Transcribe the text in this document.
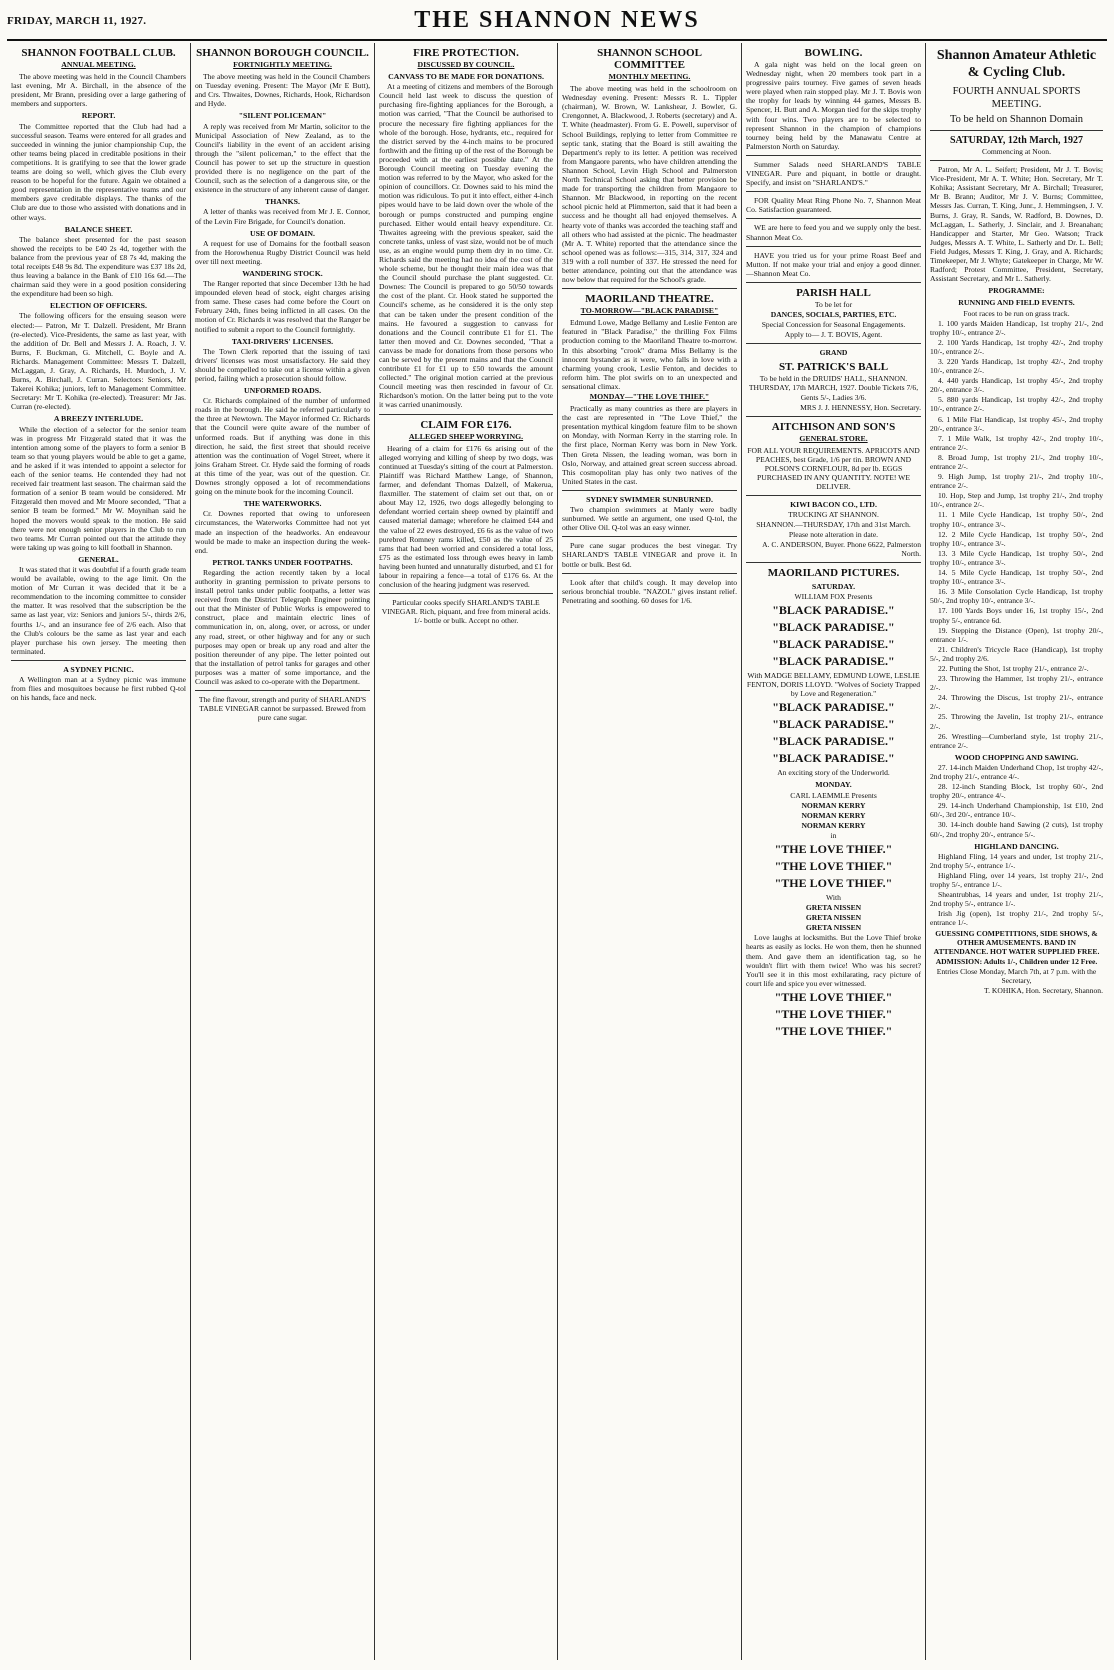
FRIDAY, MARCH 11, 1927.	THE SHANNON NEWS
SHANNON FOOTBALL CLUB.
ANNUAL MEETING.

The above meeting was held in the Council Chambers last evening, Mr A. Birchall, in the absence of the president, Mr Brann, presiding over a large gathering of members and supporters.

REPORT.

The Committee reported that the Club had had a successful season. Teams were entered for all grades and succeeded in winning the junior championship Cup, the other teams being placed in creditable positions in their competitions. It is gratifying to see that the lower grade teams are doing so well, which gives the Club every reason to be hopeful for the future. Again we obtained a good representation in the representative teams and our members gave creditable displays. The thanks of the Club are due to those who assisted with donations and in other ways.

BALANCE SHEET.

The balance sheet presented for the past season showed the receipts to be £40 2s 4d, together with the balance from the previous year of £8 7s 4d, making the total receipts £48 9s 8d. The expenditure was £37 18s 2d, thus leaving a balance in the Bank of £10 16s 6d.—The chairman said they were in a good position considering the expenditure had been so high.

ELECTION OF OFFICERS.

The following officers for the ensuing season were elected:— Patron, Mr T. Dalzell. President, Mr Brann (re-elected). Vice-Presidents, the same as last year, with the addition of Dr. Bell and Messrs J. A. Roach, J. V. Burns, F. Buckman, G. Mitchell, C. Boyle and A. Richards. Management Committee: Messrs T. Dalzell, McLaggan, J. Gray, A. Richards, H. Murdoch, J. V. Burns, A. Birchall, J. Curran. Selectors: Seniors, Mr Takerei Kohika; juniors, left to Management Committee. Secretary: Mr T. Kohika (re-elected). Treasurer: Mr Jas. Curran (re-elected).

A BREEZY INTERLUDE.

While the election of a selector for the senior team was in progress Mr Fitzgerald stated that it was the intention among some of the players to form a senior B team so that young players would be able to get a game, and he asked if it was intended to appoint a selector for each of the senior teams. He contended they had not received fair treatment last season. The chairman said the formation of a senior B team would be considered. Mr Fitzgerald then moved and Mr Moore seconded, "That a senior B team be formed." Mr W. Moynihan said he hoped the movers would speak to the motion. He said there were not enough senior players in the Club to run two teams. Mr Curran pointed out that the attitude they were taking up was going to kill football in Shannon.

GENERAL.

It was stated that it was doubtful if a fourth grade team would be available, owing to the age limit. On the motion of Mr Curran it was decided that it be a recommendation to the incoming committee to consider the matter. It was resolved that the subscription be the same as last year, viz: Seniors and juniors 5/-, thirds 2/6, fourths 1/-, and an insurance fee of 2/6 each. Also that the Club's colours be the same as last year and each player purchase his own jersey. The meeting then terminated.

A SYDNEY PICNIC.

A Wellington man at a Sydney picnic was immune from flies and mosquitoes because he first rubbed Q-tol on his hands, face and neck.

SHANNON BOROUGH COUNCIL.
FORTNIGHTLY MEETING.

The above meeting was held in the Council Chambers on Tuesday evening. Present: The Mayor (Mr E Butt), and Crs. Thwaites, Downes, Richards, Hook, Richardson and Hyde.

"SILENT POLICEMAN"

A reply was received from Mr Martin, solicitor to the Municipal Association of New Zealand, as to the Council's liability in the event of an accident arising through the "silent policeman," to the effect that the Council has power to set up the structure in question provided there is no negligence on the part of the Council, such as the selection of a dangerous site, or the existence in the structure of any inherent cause of danger.

THANKS.

A letter of thanks was received from Mr J. E. Connor, of the Levin Fire Brigade, for Council's donation.

USE OF DOMAIN.

A request for use of Domains for the football season from the Horowhenua Rugby District Council was held over till next meeting.

WANDERING STOCK.

The Ranger reported that since December 13th he had impounded eleven head of stock, eight charges arising from same. These cases had come before the Court on February 24th, fines being inflicted in all cases. On the motion of Cr. Richards it was resolved that the Ranger be notified to submit a report to the Council fortnightly.

TAXI-DRIVERS' LICENSES.

The Town Clerk reported that the issuing of taxi drivers' licenses was most unsatisfactory. He said they should be compelled to take out a license within a given period, failing which a prosecution should follow.

UNFORMED ROADS.

Cr. Richards complained of the number of unformed roads in the borough. He said he referred particularly to the three at Newtown. The Mayor informed Cr. Richards that the Council were quite aware of the number of unformed roads. But if anything was done in this direction, he said, the first street that should receive attention was the continuation of Vogel Street, where it joins Graham Street. Cr. Hyde said the forming of roads at this time of the year, was out of the question. Cr. Downes strongly opposed a lot of recommendations going on the minute book for the incoming Council.

THE WATERWORKS.

Cr. Downes reported that owing to unforeseen circumstances, the Waterworks Committee had not yet made an inspection of the headworks. An endeavour would be made to make an inspection during the week-end.

PETROL TANKS UNDER FOOTPATHS.

Regarding the action recently taken by a local authority in granting permission to private persons to install petrol tanks under public footpaths, a letter was received from the District Telegraph Engineer pointing out that the Minister of Public Works is empowered to construct, place and maintain electric lines of communication in, on, along, over, or across, or under any road, street, or other highway and for any or such purposes may open or break up any road and alter the position thereunder of any pipe. The letter pointed out that the installation of petrol tanks for garages and other purposes was a matter of some importance, and the Council was asked to co-operate with the Department.

The fine flavour, strength and purity of SHARLAND'S TABLE VINEGAR cannot be surpassed. Brewed from pure cane sugar.

FIRE PROTECTION.
DISCUSSED BY COUNCIL.
CANVASS TO BE MADE FOR DONATIONS.

At a meeting of citizens and members of the Borough Council held last week to discuss the question of purchasing fire-fighting appliances for the Borough, a motion was carried, "That the Council be authorised to procure the necessary fire fighting appliances for the whole of the borough. Hose, hydrants, etc., required for the district served by the 4-inch mains to be procured forthwith and the fitting up of the rest of the Borough be proceeded with at the earliest possible date." At the Borough Council meeting on Tuesday evening the motion was referred to by the Mayor, who asked for the opinion of councillors. Cr. Downes said to his mind the motion was ridiculous. To put it into effect, either 4-inch pipes would have to be laid down over the whole of the borough or pumps constructed and pumping engine purchased. Either would entail heavy expenditure. Cr. Thwaites agreeing with the previous speaker, said the concrete tanks, unless of vast size, would not be of much use, as an engine would pump them dry in no time. Cr. Richards said the meeting had no idea of the cost of the whole scheme, but he thought their main idea was that the Council should purchase the plant suggested. Cr. Downes: The Council is prepared to go 50/50 towards the cost of the plant. Cr. Hook stated he supported the Council's scheme, as he considered it is the only step that can be taken under the present condition of the mains. He favoured a suggestion to canvass for donations and the Council contribute £1 for £1. The latter then moved and Cr. Downes seconded, "That a canvass be made for donations from those persons who can be served by the present mains and that the Council contribute £1 for £1 up to £50 towards the amount collected." The original motion carried at the previous Council meeting was then rescinded in favour of Cr. Richardson's motion. On the latter being put to the vote it was carried unanimously.

CLAIM FOR £176.
ALLEGED SHEEP WORRYING.

Hearing of a claim for £176 6s arising out of the alleged worrying and killing of sheep by two dogs, was continued at Tuesday's sitting of the court at Palmerston. Plaintiff was Richard Matthew Lange, of Shannon, farmer, and defendant Thomas Dalzell, of Makerua, flaxmiller. The statement of claim set out that, on or about May 12, 1926, two dogs allegedly belonging to defendant worried certain sheep owned by plaintiff and caused material damage; wherefore he claimed £44 and the value of 22 ewes destroyed, £6 6s as the value of two purebred Romney rams killed, £50 as the value of 25 rams that had been worried and considered a total loss, £75 as the estimated loss through ewes heavy in lamb having been hunted and unnaturally disturbed, and £1 for labour in repairing a fence—a total of £176 6s. At the conclusion of the hearing judgment was reserved.

Particular cooks specify SHARLAND'S TABLE VINEGAR. Rich, piquant, and free from mineral acids. 1/- bottle or bulk. Accept no other.

SHANNON SCHOOL COMMITTEE
MONTHLY MEETING.

The above meeting was held in the schoolroom on Wednesday evening. Present: Messrs R. L. Tippler (chairman), W. Brown, W. Lankshear, J. Bowler, G. Crengonnet, A. Blackwood, J. Roberts (secretary) and A. T. White (headmaster). From G. E. Powell, supervisor of School Buildings, replying to letter from Committee re septic tank, stating that the Board is still awaiting the Department's reply to its letter. A petition was received from Mangaore parents, who have children attending the Shannon School, Levin High School and Palmerston North Technical School asking that better provision be made for transporting the children from Mangaore to Shannon. Mr Blackwood, in reporting on the recent school picnic held at Plimmerton, said that it had been a success and he thought all had enjoyed themselves. A hearty vote of thanks was accorded the teaching staff and all others who had assisted at the picnic. The headmaster (Mr A. T. White) reported that the attendance since the school opened was as follows:—315, 314, 317, 324 and 319 with a roll number of 337. He stressed the need for better attendance, pointing out that the attendance was now below that required for the School's grade.

MAORILAND THEATRE.
TO-MORROW—"BLACK PARADISE"

Edmund Lowe, Madge Bellamy and Leslie Fenton are featured in "Black Paradise," the thrilling Fox Films production coming to the Maoriland Theatre to-morrow. In this absorbing "crook" drama Miss Bellamy is the innocent bystander as it were, who falls in love with a charming young crook, Leslie Fenton, and decides to reform him. The plot swirls on to an unexpected and sensational climax.

MONDAY—"THE LOVE THIEF."

Practically as many countries as there are players in the cast are represented in "The Love Thief," the presentation mythical kingdom feature film to be shown on Monday, with Norman Kerry in the starring role. In the first place, Norman Kerry was born in New York. Then Greta Nissen, the leading woman, was born in Oslo, Norway, and attained great screen success abroad. This cosmopolitan play has only two natives of the United States in the cast.

SYDNEY SWIMMER SUNBURNED.

Two champion swimmers at Manly were badly sunburned. We settle an argument, one used Q-tol, the other Olive Oil. Q-tol was an easy winner.

Pure cane sugar produces the best vinegar. Try SHARLAND'S TABLE VINEGAR and prove it. In bottle or bulk. Best 6d.

Look after that child's cough. It may develop into serious bronchial trouble. "NAZOL" gives instant relief. Penetrating and soothing. 60 doses for 1/6.

BOWLING.

A gala night was held on the local green on Wednesday night, when 20 members took part in a progressive pairs tourney. Five games of seven heads were played when rain stopped play. Mr J. T. Bovis won the trophy for leads by winning 44 games, Messrs B. Spencer, H. Butt and A. Morgan tied for the skips trophy with four wins. Two players are to be selected to represent Shannon in the champion of champions tourney being held by the Manawatu Centre at Palmerston North on Saturday.

Summer Salads need SHARLAND'S TABLE VINEGAR. Pure and piquant, in bottle or draught. Specify, and insist on "SHARLAND'S."

FOR Quality Meat Ring Phone No. 7, Shannon Meat Co. Satisfaction guaranteed.

WE are here to feed you and we supply only the best. Shannon Meat Co.

HAVE you tried us for your prime Roast Beef and Mutton. If not make your trial and enjoy a good dinner.—Shannon Meat Co.

PARISH HALL

To be let for

DANCES, SOCIALS, PARTIES, ETC.

Special Concession for Seasonal Engagements.

Apply to— J. T. BOVIS, Agent.

GRAND

ST. PATRICK'S BALL

To be held in the DRUIDS' HALL, SHANNON. THURSDAY, 17th MARCH, 1927. Double Tickets 7/6, Gents 5/-, Ladies 3/6.

MRS J. J. HENNESSY, Hon. Secretary.

AITCHISON AND SON'S
GENERAL STORE.

FOR ALL YOUR REQUIREMENTS. APRICOTS AND PEACHES, best Grade, 1/6 per tin. BROWN AND POLSON'S CORNFLOUR, 8d per lb. EGGS PURCHASED IN ANY QUANTITY. NOTE! WE DELIVER.

KIWI BACON CO., LTD.

TRUCKING AT SHANNON.

SHANNON.—THURSDAY, 17th and 31st March. Please note alteration in date.

A. C. ANDERSON, Buyer. Phone 6622, Palmerston North.

MAORILAND PICTURES.
SATURDAY.

WILLIAM FOX Presents

"BLACK PARADISE."

"BLACK PARADISE."

"BLACK PARADISE."

"BLACK PARADISE."

With MADGE BELLAMY, EDMUND LOWE, LESLIE FENTON, DORIS LLOYD. "Wolves of Society Trapped by Love and Regeneration."

"BLACK PARADISE."

"BLACK PARADISE."

"BLACK PARADISE."

"BLACK PARADISE."

An exciting story of the Underworld.

MONDAY.

CARL LAEMMLE Presents

NORMAN KERRY

NORMAN KERRY

NORMAN KERRY

in

"THE LOVE THIEF."

"THE LOVE THIEF."

"THE LOVE THIEF."

With

GRETA NISSEN

GRETA NISSEN

GRETA NISSEN

Love laughs at locksmiths. But the Love Thief broke hearts as easily as locks. He won them, then he shunned them. And gave them an identification tag, so he wouldn't flirt with them twice! Who was his secret? You'll see it in this most exhilarating, racy picture of court life and spice you ever witnessed.

"THE LOVE THIEF."

"THE LOVE THIEF."

"THE LOVE THIEF."

Shannon Amateur Athletic & Cycling Club.
FOURTH ANNUAL SPORTS MEETING.
To be held on Shannon Domain
SATURDAY, 12th March, 1927

Commencing at Noon.

Patron, Mr A. L. Seifert; President, Mr J. T. Bovis; Vice-President, Mr A. T. White; Hon. Secretary, Mr T. Kohika; Assistant Secretary, Mr A. Birchall; Treasurer, Mr B. Brann; Auditor, Mr J. V. Burns; Committee, Messrs Jas. Curran, T. King, Junr., J. Hemmingsen, J. V. Burns, J. Gray, R. Sands, W. Radford, B. Downes, D. McLaggan, L. Satherly, J. Sinclair, and J. Breanahan; Handicapper and Starter, Mr Geo. Watson; Track Judges, Messrs A. T. White, L. Satherly and Dr. L. Bell; Field Judges, Messrs T. King, J. Gray, and A. Richards; Timekeeper, Mr J. Whyte; Gatekeeper in Charge, Mr W. Radford; Protest Committee, President, Secretary, Assistant Secretary, and Mr L. Satherly.

PROGRAMME:
RUNNING AND FIELD EVENTS.

Foot races to be run on grass track.

1. 100 yards Maiden Handicap, 1st trophy 21/-, 2nd trophy 10/-, entrance 2/-.

2. 100 Yards Handicap, 1st trophy 42/-, 2nd trophy 10/-, entrance 2/-.

3. 220 Yards Handicap, 1st trophy 42/-, 2nd trophy 10/-, entrance 2/-.

4. 440 yards Handicap, 1st trophy 45/-, 2nd trophy 20/-, entrance 3/-.

5. 880 yards Handicap, 1st trophy 42/-, 2nd trophy 10/-, entrance 2/-.

6. 1 Mile Flat Handicap, 1st trophy 45/-, 2nd trophy 20/-, entrance 3/-.

7. 1 Mile Walk, 1st trophy 42/-, 2nd trophy 10/-, entrance 2/-.

8. Broad Jump, 1st trophy 21/-, 2nd trophy 10/-, entrance 2/-.

9. High Jump, 1st trophy 21/-, 2nd trophy 10/-, entrance 2/-.

10. Hop, Step and Jump, 1st trophy 21/-, 2nd trophy 10/-, entrance 2/-.

11. 1 Mile Cycle Handicap, 1st trophy 50/-, 2nd trophy 10/-, entrance 3/-.

12. 2 Mile Cycle Handicap, 1st trophy 50/-, 2nd trophy 10/-, entrance 3/-.

13. 3 Mile Cycle Handicap, 1st trophy 50/-, 2nd trophy 10/-, entrance 3/-.

14. 5 Mile Cycle Handicap, 1st trophy 50/-, 2nd trophy 10/-, entrance 3/-.

16. 3 Mile Consolation Cycle Handicap, 1st trophy 50/-, 2nd trophy 10/-, entrance 3/-.

17. 100 Yards Boys under 16, 1st trophy 15/-, 2nd trophy 5/-, entrance 6d.

19. Stepping the Distance (Open), 1st trophy 20/-, entrance 1/-.

21. Children's Tricycle Race (Handicap), 1st trophy 5/-, 2nd trophy 2/6.

22. Putting the Shot, 1st trophy 21/-, entrance 2/-.

23. Throwing the Hammer, 1st trophy 21/-, entrance 2/-.

24. Throwing the Discus, 1st trophy 21/-, entrance 2/-.

25. Throwing the Javelin, 1st trophy 21/-, entrance 2/-.

26. Wrestling—Cumberland style, 1st trophy 21/-, entrance 2/-.

WOOD CHOPPING AND SAWING.

27. 14-inch Maiden Underhand Chop, 1st trophy 42/-, 2nd trophy 21/-, entrance 4/-.

28. 12-inch Standing Block, 1st trophy 60/-, 2nd trophy 20/-, entrance 4/-.

29. 14-inch Underhand Championship, 1st £10, 2nd 60/-, 3rd 20/-, entrance 10/-.

30. 14-inch double hand Sawing (2 cuts), 1st trophy 60/-, 2nd trophy 20/-, entrance 5/-.

HIGHLAND DANCING.

Highland Fling, 14 years and under, 1st trophy 21/-, 2nd trophy 5/-, entrance 1/-.

Highland Fling, over 14 years, 1st trophy 21/-, 2nd trophy 5/-, entrance 1/-.

Sheantrubhas, 14 years and under, 1st trophy 21/-, 2nd trophy 5/-, entrance 1/-.

Irish Jig (open), 1st trophy 21/-, 2nd trophy 5/-, entrance 1/-.

GUESSING COMPETITIONS, SIDE SHOWS, & OTHER AMUSEMENTS. BAND IN ATTENDANCE. HOT WATER SUPPLIED FREE.

ADMISSION: Adults 1/-, Children under 12 Free.

Entries Close Monday, March 7th, at 7 p.m. with the Secretary,

T. KOHIKA, Hon. Secretary, Shannon.
